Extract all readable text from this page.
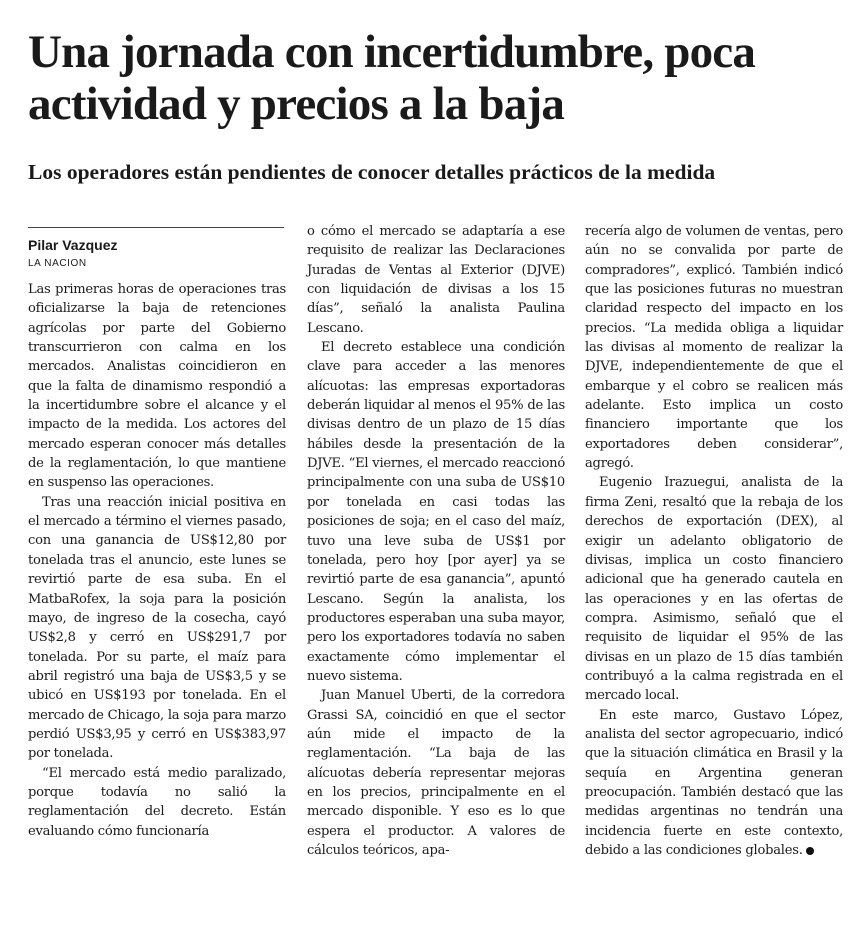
Una jornada con incertidumbre, poca actividad y precios a la baja
Los operadores están pendientes de conocer detalles prácticos de la medida
Pilar Vazquez
LA NACION

Las primeras horas de operaciones tras oficializarse la baja de retenciones agrícolas por parte del Gobierno transcurrieron con calma en los mercados. Analistas coincidieron en que la falta de dinamismo respondió a la incertidumbre sobre el alcance y el impacto de la medida. Los actores del mercado esperan conocer más detalles de la reglamentación, lo que mantiene en suspenso las operaciones.

Tras una reacción inicial positiva en el mercado a término el viernes pasado, con una ganancia de US$12,80 por tonelada tras el anuncio, este lunes se revirtió parte de esa suba. En el MatbaRofex, la soja para la posición mayo, de ingreso de la cosecha, cayó US$2,8 y cerró en US$291,7 por tonelada. Por su parte, el maíz para abril registró una baja de US$3,5 y se ubicó en US$193 por tonelada. En el mercado de Chicago, la soja para marzo perdió US$3,95 y cerró en US$383,97 por tonelada.

“El mercado está medio paralizado, porque todavía no salió la reglamentación del decreto. Están evaluando cómo funcionaría

o cómo el mercado se adaptaría a ese requisito de realizar las Declaraciones Juradas de Ventas al Exterior (DJVE) con liquidación de divisas a los 15 días”, señaló la analista Paulina Lescano.

El decreto establece una condición clave para acceder a las menores alícuotas: las empresas exportadoras deberán liquidar al menos el 95% de las divisas dentro de un plazo de 15 días hábiles desde la presentación de la DJVE. “El viernes, el mercado reaccionó principalmente con una suba de US$10 por tonelada en casi todas las posiciones de soja; en el caso del maíz, tuvo una leve suba de US$1 por tonelada, pero hoy [por ayer] ya se revirtió parte de esa ganancia”, apuntó Lescano. Según la analista, los productores esperaban una suba mayor, pero los exportadores todavía no saben exactamente cómo implementar el nuevo sistema.

Juan Manuel Uberti, de la corredora Grassi SA, coincidió en que el sector aún mide el impacto de la reglamentación. “La baja de las alícuotas debería representar mejoras en los precios, principalmente en el mercado disponible. Y eso es lo que espera el productor. A valores de cálculos teóricos, apa-

recería algo de volumen de ventas, pero aún no se convalida por parte de compradores”, explicó. También indicó que las posiciones futuras no muestran claridad respecto del impacto en los precios. “La medida obliga a liquidar las divisas al momento de realizar la DJVE, independientemente de que el embarque y el cobro se realicen más adelante. Esto implica un costo financiero importante que los exportadores deben considerar”, agregó.

Eugenio Irazuegui, analista de la firma Zeni, resaltó que la rebaja de los derechos de exportación (DEX), al exigir un adelanto obligatorio de divisas, implica un costo financiero adicional que ha generado cautela en las operaciones y en las ofertas de compra. Asimismo, señaló que el requisito de liquidar el 95% de las divisas en un plazo de 15 días también contribuyó a la calma registrada en el mercado local.

En este marco, Gustavo López, analista del sector agropecuario, indicó que la situación climática en Brasil y la sequía en Argentina generan preocupación. También destacó que las medidas argentinas no tendrán una incidencia fuerte en este contexto, debido a las condiciones globales.
